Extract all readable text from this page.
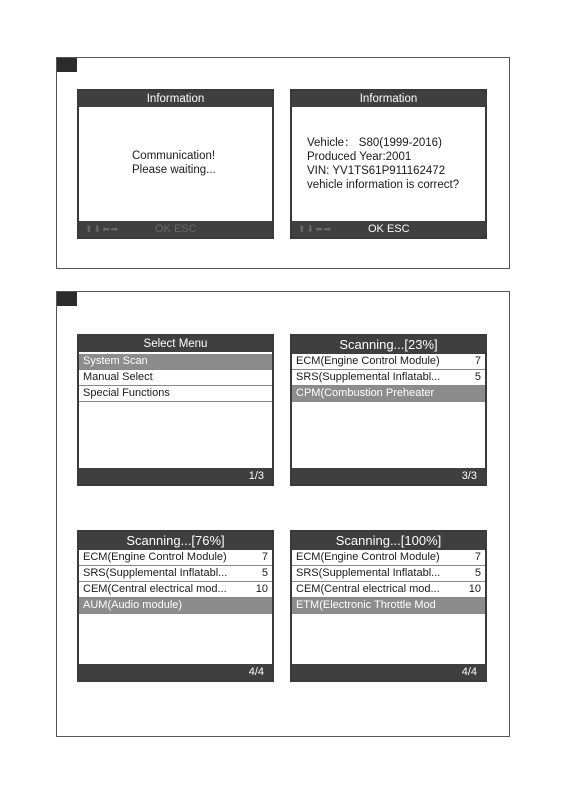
Information
Communication!
Please waiting...
⬆⬇⬅➡	OK ESC
Information
Vehicle： S80(1999-2016)
Produced Year:2001
VIN: YV1TS61P911162472
vehicle information is correct?
⬆⬇⬅➡	OK ESC
Select Menu
System Scan
Manual Select
Special Functions
1/3
Scanning...[23%]
ECM(Engine Control Module)	7
SRS(Supplemental Inflatabl...	5
CPM(Combustion Preheater
3/3
Scanning...[76%]
ECM(Engine Control Module)	7
SRS(Supplemental Inflatabl...	5
CEM(Central electrical mod...	10
AUM(Audio module)
4/4
Scanning...[100%]
ECM(Engine Control Module)	7
SRS(Supplemental Inflatabl...	5
CEM(Central electrical mod...	10
ETM(Electronic Throttle Mod
4/4
